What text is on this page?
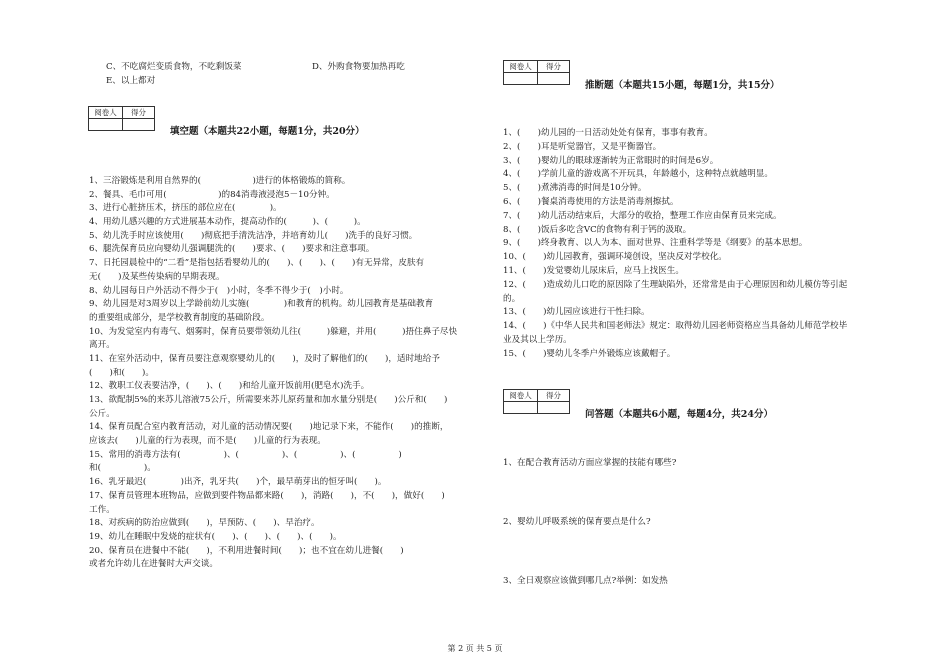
C、不吃腐烂变质食物，不吃剩饭菜	D、外购食物要加热再吃
E、以上都对
阅卷人	得分

填空题（本题共22小题，每题1分，共20分）
1、三浴锻炼是利用自然界的(　　　　　　)进行的体格锻炼的简称。
2、餐具、毛巾可用(　　　　　　)的84消毒液浸泡5－10分钟。
3、进行心脏挤压术，挤压的部位应在(　　　　)。
4、用幼儿感兴趣的方式进展基本动作，提高动作的(　　　)、(　　　)。
5、幼儿洗手时应该使用(　　)彻底把手清洗洁净，并培育幼儿(　　)洗手的良好习惯。
6、腿洗保育员应向婴幼儿强调腿洗的(　　)要求、(　　)要求和注意事项。
7、日托园晨检中的“二看”是指包括看婴幼儿的(　　)、(　　)、(　　)有无异常，皮肤有
无(　　)及某些传染病的早期表现。
8、幼儿园每日户外活动不得少于(　)小时，冬季不得少于(　)小时。
9、幼儿园是对3周岁以上学龄前幼儿实施(　　　　)和教育的机构。幼儿园教育是基础教育
的重要组成部分，是学校教育制度的基础阶段。
10、为发觉室内有毒气、烟雾时，保育员要带领幼儿往(　　　)躲避，并用(　　　)捂住鼻子尽快
离开。
11、在室外活动中，保育员要注意观察婴幼儿的(　　)，及时了解他们的(　　)，适时地给予
(　　)和(　　)。
12、教职工仪表要洁净，(　　)、(　　)和给儿童开饭前用(肥皂水)洗手。
13、欲配制5%的来苏儿溶液75公斤，所需要来苏儿原药量和加水量分别是(　　)公斤和(　　)
公斤。
14、保育员配合室内教育活动，对儿童的活动情况要(　　)地记录下来，不能作(　　)的推断，
应该去(　　)儿童的行为表现，而不是(　　)儿童的行为表现。
15、常用的消毒方法有(　　　　　)、(　　　　　)、(　　　　　)、(　　　　　)
和(　　　　　)。
16、乳牙最迟(　　　　)出齐，乳牙共(　　)个，最早萌芽出的恒牙叫(　　)。
17、保育员管理本班物品，应做到要件物品都来路(　　)，消路(　　)，不(　　)，做好(　　)
工作。
18、对疾病的防治应做到(　　)，早预防、(　　)、早治疗。
19、幼儿在睡眠中发烧的症状有(　　)、(　　)、(　　)、(　　)。
20、保育员在进餐中不能(　　)，不利用进餐时间(　　)；也不宜在幼儿进餐(　　)
或者允许幼儿在进餐时大声交谈。
阅卷人	得分

推断题（本题共15小题，每题1分，共15分）
1、(　　)幼儿园的一日活动处处有保育，事事有教育。
2、(　　)耳是听觉器官，又是平衡器官。
3、(　　)婴幼儿的眼球逐渐转为正常眼时的时间是6岁。
4、(　　)学前儿童的游戏离不开玩具，年龄越小，这种特点就越明显。
5、(　　)煮沸消毒的时间是10分钟。
6、(　　)餐桌消毒使用的方法是消毒剂擦拭。
7、(　　)幼儿活动结束后，大部分的收拾，整理工作应由保育员来完成。
8、(　　)饭后多吃含VC的食物有利于钙的汲取。
9、(　　)终身教育、以人为本、面对世界、注重科学等是《纲要》的基本思想。
10、(　　)幼儿园教育，强调环境创设，坚决反对学校化。
11、(　　)发觉婴幼儿尿床后，应马上找医生。
12、(　　)造成幼儿口吃的原因除了生理缺陷外，还常常是由于心理原因和幼儿模仿等引起
的。
13、(　　)幼儿园应该进行干性扫除。
14、(　　)《中华人民共和国老师法》规定：取得幼儿园老师资格应当具备幼儿师范学校毕
业及其以上学历。
15、(　　)婴幼儿冬季户外锻炼应该戴帽子。
阅卷人	得分

问答题（本题共6小题，每题4分，共24分）
1、在配合教育活动方面应掌握的技能有哪些?
2、婴幼儿呼吸系统的保育要点是什么?
3、全日观察应该做到哪几点?举例：如发热
第 2 页 共 5 页
